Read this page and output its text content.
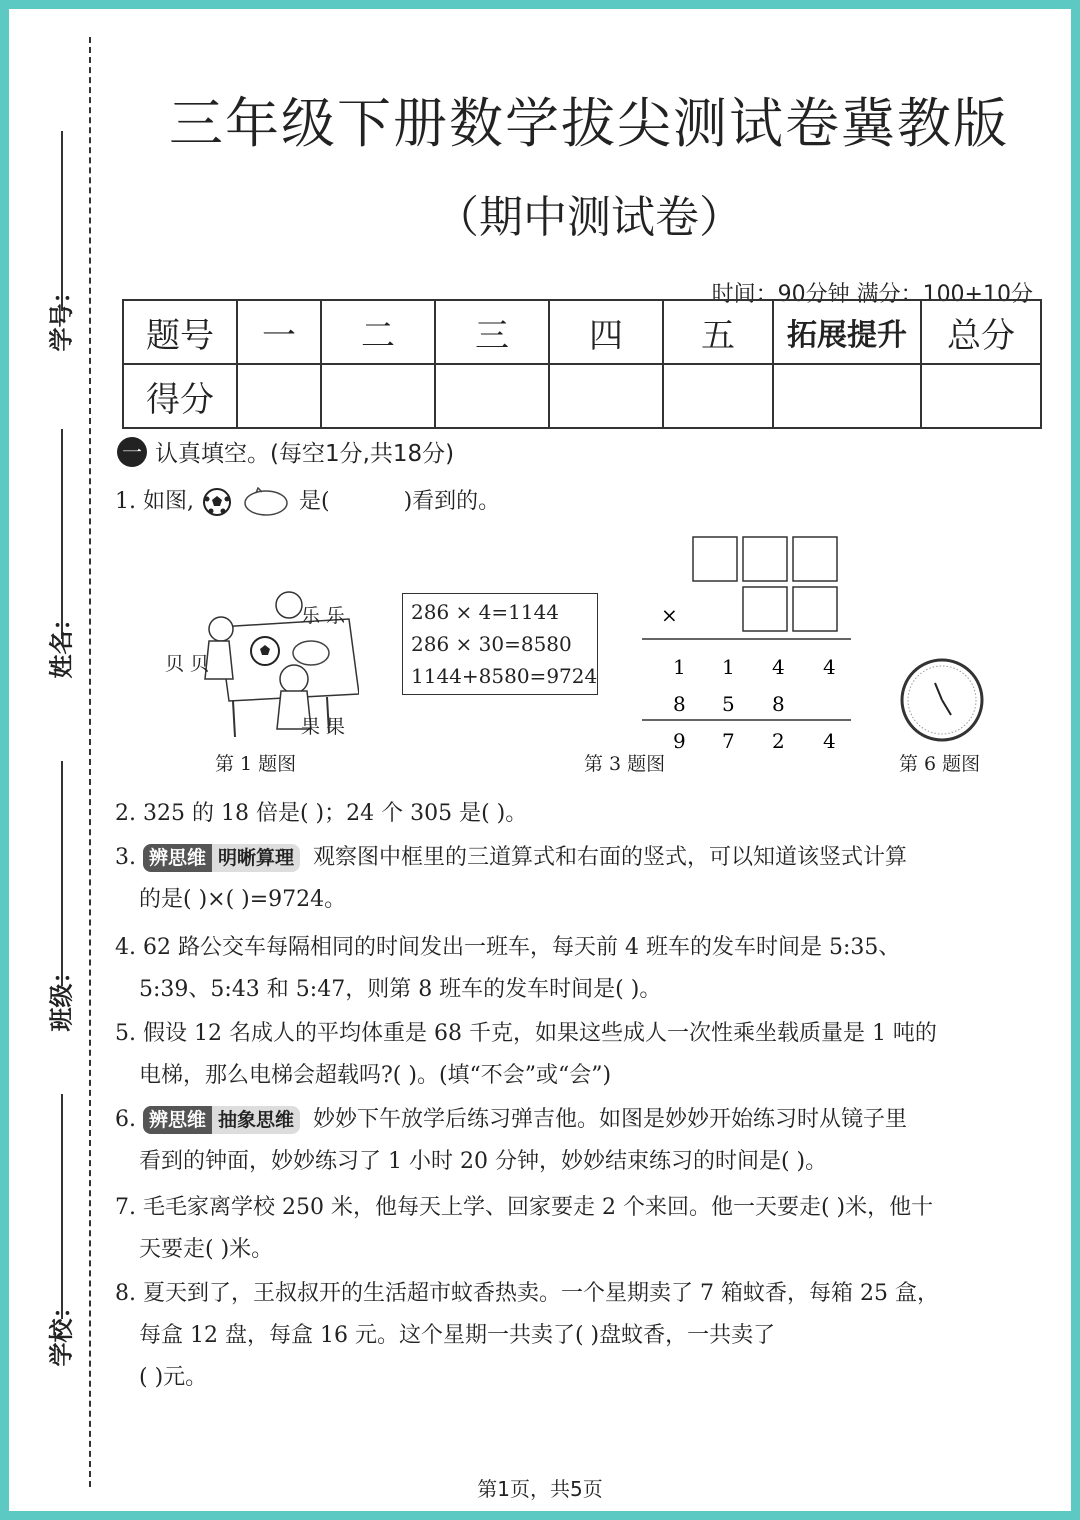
学号：
姓名：
班级：
学校：
三年级下册数学拔尖测试卷冀教版
（期中测试卷）
时间：90分钟 满分：100+10分
题号	一	二	三	四	五	拓展提升	总分
得分							
一 认真填空。(每空1分,共18分)
1. 如图,	是(	)看到的。
贝 贝
乐 乐
果 果
第 1 题图
286 × 4=1144
286 × 30=8580
1144+8580=9724
×
1 1 4 4
8 5 8
9 7 2 4
第 3 题图	第 6 题图
2. 325 的 18 倍是( )；24 个 305 是( )。
3. 辨思维 明晰算理 观察图中框里的三道算式和右面的竖式，可以知道该竖式计算
的是( )×( )=9724。
4. 62 路公交车每隔相同的时间发出一班车，每天前 4 班车的发车时间是 5:35、
5:39、5:43 和 5:47，则第 8 班车的发车时间是( )。
5. 假设 12 名成人的平均体重是 68 千克，如果这些成人一次性乘坐载质量是 1 吨的
电梯，那么电梯会超载吗?( )。(填“不会”或“会”)
6. 辨思维 抽象思维 妙妙下午放学后练习弹吉他。如图是妙妙开始练习时从镜子里
看到的钟面，妙妙练习了 1 小时 20 分钟，妙妙结束练习的时间是( )。
7. 毛毛家离学校 250 米，他每天上学、回家要走 2 个来回。他一天要走( )米，他十
天要走( )米。
8. 夏天到了，王叔叔开的生活超市蚊香热卖。一个星期卖了 7 箱蚊香，每箱 25 盒，
每盒 12 盘，每盒 16 元。这个星期一共卖了( )盘蚊香，一共卖了
( )元。
第1页，共5页
